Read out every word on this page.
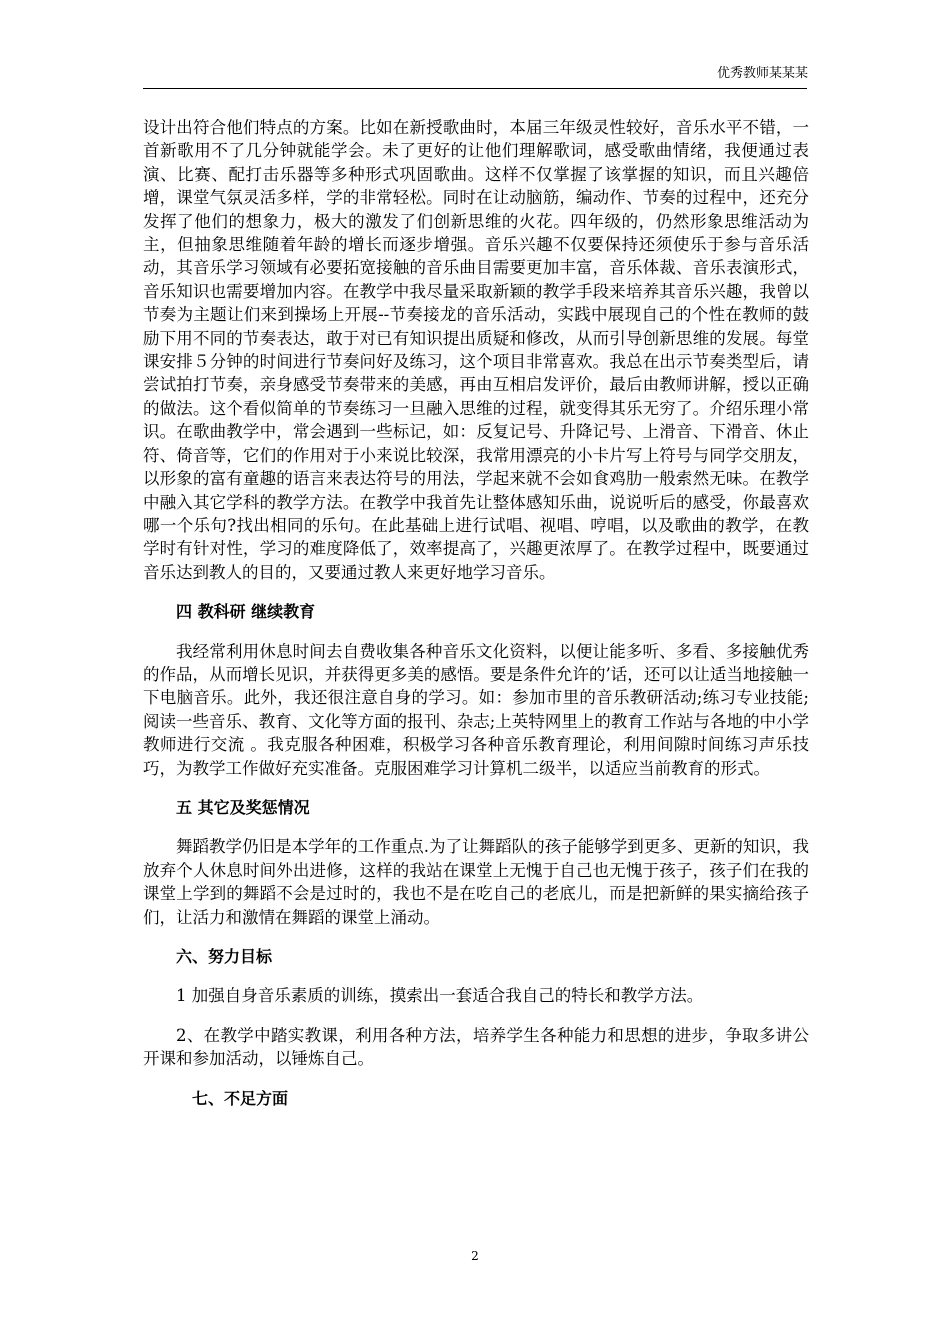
优秀教师某某某

设计出符合他们特点的方案。比如在新授歌曲时，本届三年级灵性较好，音乐水平不错，一首新歌用不了几分钟就能学会。未了更好的让他们理解歌词，感受歌曲情绪，我便通过表演、比赛、配打击乐器等多种形式巩固歌曲。这样不仅掌握了该掌握的知识，而且兴趣倍增，课堂气氛灵活多样，学的非常轻松。同时在让动脑筋，编动作、节奏的过程中，还充分发挥了他们的想象力，极大的激发了们创新思维的火花。四年级的，仍然形象思维活动为主，但抽象思维随着年龄的增长而逐步增强。音乐兴趣不仅要保持还须使乐于参与音乐活动，其音乐学习领域有必要拓宽接触的音乐曲目需要更加丰富，音乐体裁、音乐表演形式，音乐知识也需要增加内容。在教学中我尽量采取新颖的教学手段来培养其音乐兴趣，我曾以节奏为主题让们来到操场上开展--节奏接龙的音乐活动，实践中展现自己的个性在教师的鼓励下用不同的节奏表达，敢于对已有知识提出质疑和修改，从而引导创新思维的发展。每堂课安排５分钟的时间进行节奏问好及练习，这个项目非常喜欢。我总在出示节奏类型后，请尝试拍打节奏，亲身感受节奏带来的美感，再由互相启发评价，最后由教师讲解，授以正确的做法。这个看似简单的节奏练习一旦融入思维的过程，就变得其乐无穷了。介绍乐理小常识。在歌曲教学中，常会遇到一些标记，如：反复记号、升降记号、上滑音、下滑音、休止符、倚音等，它们的作用对于小来说比较深，我常用漂亮的小卡片写上符号与同学交朋友，以形象的富有童趣的语言来表达符号的用法，学起来就不会如食鸡肋一般索然无味。在教学中融入其它学科的教学方法。在教学中我首先让整体感知乐曲，说说听后的感受，你最喜欢哪一个乐句?找出相同的乐句。在此基础上进行试唱、视唱、哼唱，以及歌曲的教学，在教学时有针对性，学习的难度降低了，效率提高了，兴趣更浓厚了。在教学过程中，既要通过音乐达到教人的目的，又要通过教人来更好地学习音乐。

四 教科研 继续教育

我经常利用休息时间去自费收集各种音乐文化资料，以便让能多听、多看、多接触优秀的作品，从而增长见识，并获得更多美的感悟。要是条件允许的’话，还可以让适当地接触一下电脑音乐。此外，我还很注意自身的学习。如：参加市里的音乐教研活动;练习专业技能;阅读一些音乐、教育、文化等方面的报刊、杂志;上英特网里上的教育工作站与各地的中小学教师进行交流 。我克服各种困难，积极学习各种音乐教育理论，利用间隙时间练习声乐技巧，为教学工作做好充实准备。克服困难学习计算机二级半，以适应当前教育的形式。

五 其它及奖惩情况

舞蹈教学仍旧是本学年的工作重点.为了让舞蹈队的孩子能够学到更多、更新的知识，我放弃个人休息时间外出进修，这样的我站在课堂上无愧于自己也无愧于孩子，孩子们在我的课堂上学到的舞蹈不会是过时的，我也不是在吃自己的老底儿，而是把新鲜的果实摘给孩子们，让活力和激情在舞蹈的课堂上涌动。

六、努力目标

1 加强自身音乐素质的训练，摸索出一套适合我自己的特长和教学方法。

2、在教学中踏实教课，利用各种方法，培养学生各种能力和思想的进步，争取多讲公开课和参加活动，以锤炼自己。

七、不足方面

2
